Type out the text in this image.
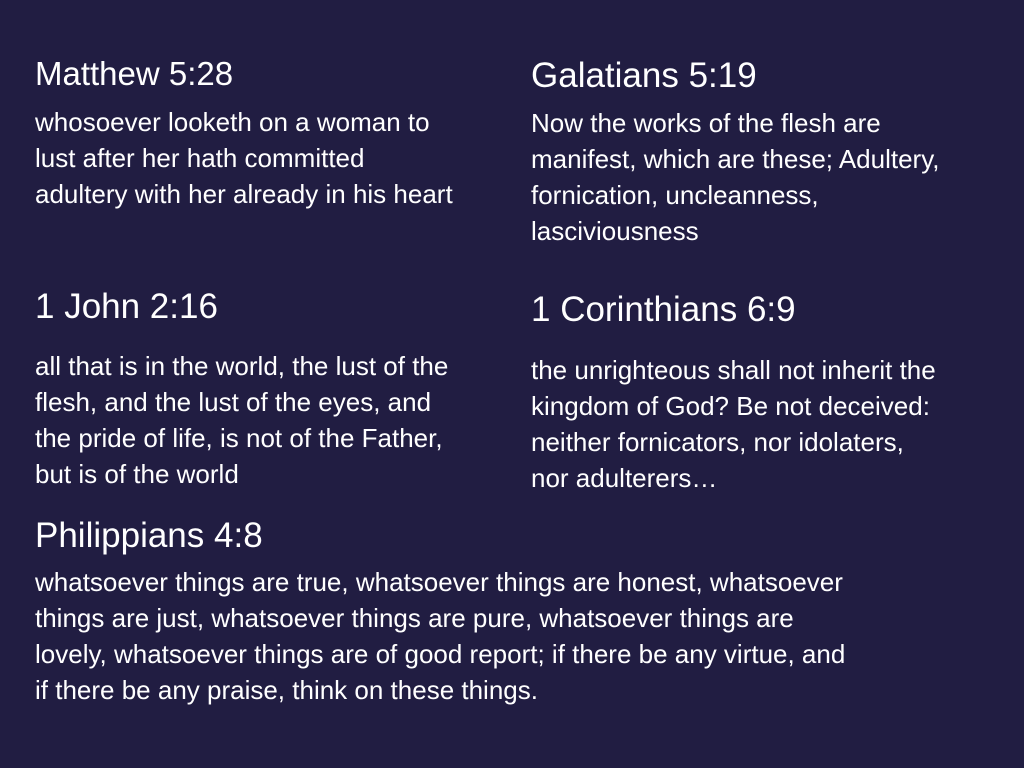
Matthew 5:28

whosoever looketh on a woman to
lust after her hath committed
adultery with her already in his heart

Galatians 5:19

Now the works of the flesh are
manifest, which are these; Adultery,
fornication, uncleanness,
lasciviousness

1 John 2:16

all that is in the world, the lust of the
flesh, and the lust of the eyes, and
the pride of life, is not of the Father,
but is of the world

1 Corinthians 6:9

the unrighteous shall not inherit the
kingdom of God? Be not deceived:
neither fornicators, nor idolaters,
nor adulterers…

Philippians 4:8

whatsoever things are true, whatsoever things are honest, whatsoever
things are just, whatsoever things are pure, whatsoever things are
lovely, whatsoever things are of good report; if there be any virtue, and
if there be any praise, think on these things.
